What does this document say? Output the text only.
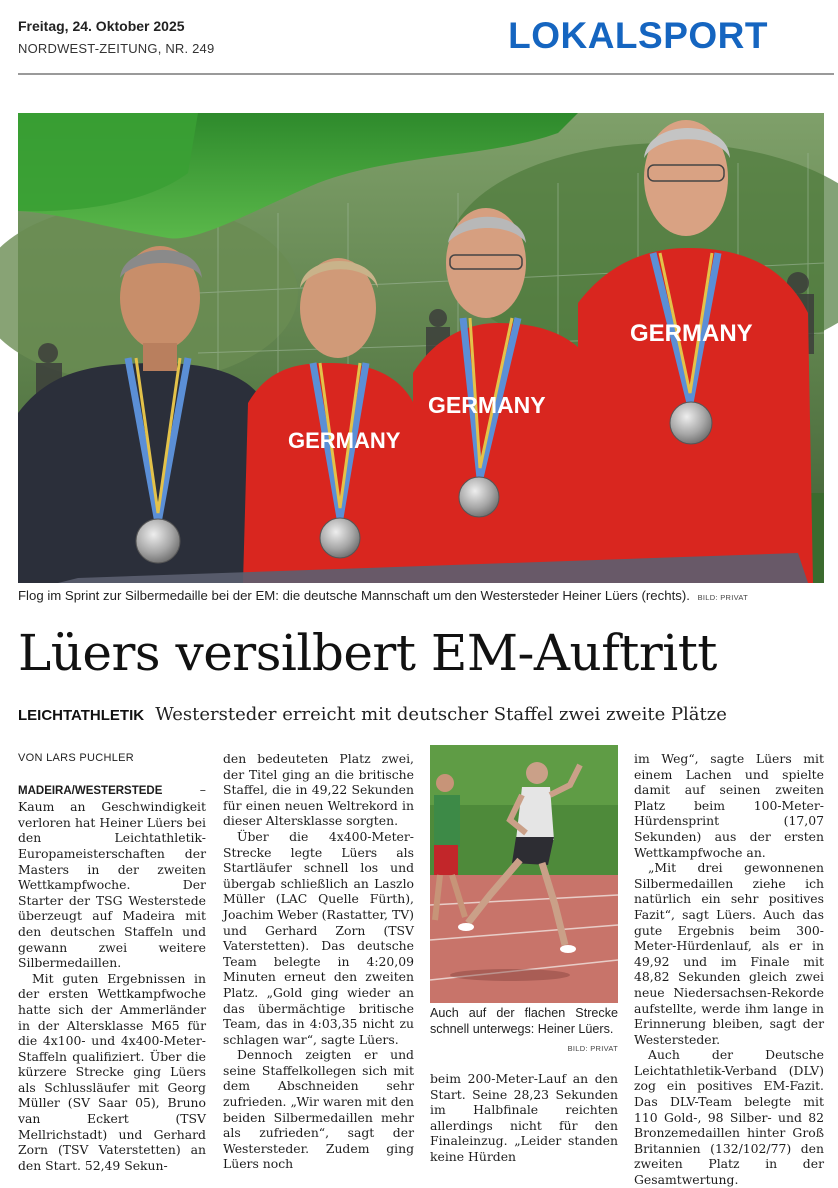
Freitag, 24. Oktober 2025
NORDWEST-ZEITUNG, NR. 249	LOKALSPORT
GERMANY
GERMANY
GERMANY
Flog im Sprint zur Silbermedaille bei der EM: die deutsche Mannschaft um den Westersteder Heiner Lüers (rechts). BILD: PRIVAT
Lüers versilbert EM-Auftritt
LEICHTATHLETIK Westersteder erreicht mit deutscher Staffel zwei zweite Plätze
VON LARS PUCHLER

MADEIRA/WESTERSTEDE – Kaum an Geschwindigkeit verloren hat Heiner Lüers bei den Leichtathletik-Europameisterschaften der Masters in der zweiten Wettkampfwoche. Der Starter der TSG Westerstede überzeugt auf Madeira mit den deutschen Staffeln und gewann zwei weitere Silbermedaillen.

Mit guten Ergebnissen in der ersten Wettkampfwoche hatte sich der Ammerländer in der Altersklasse M65 für die 4x100- und 4x400-Meter-Staffeln qualifiziert. Über die kürzere Strecke ging Lüers als Schlussläufer mit Georg Müller (SV Saar 05), Bruno van Eckert (TSV Mellrichstadt) und Gerhard Zorn (TSV Vaterstetten) an den Start. 52,49 Sekun-

den bedeuteten Platz zwei, der Titel ging an die britische Staffel, die in 49,22 Sekunden für einen neuen Weltrekord in dieser Altersklasse sorgten.

Über die 4x400-Meter-Strecke legte Lüers als Startläufer schnell los und übergab schließlich an Laszlo Müller (LAC Quelle Fürth), Joachim Weber (Rastatter, TV) und Gerhard Zorn (TSV Vaterstetten). Das deutsche Team belegte in 4:20,09 Minuten erneut den zweiten Platz. „Gold ging wieder an das übermächtige britische Team, das in 4:03,35 nicht zu schlagen war“, sagte Lüers.

Dennoch zeigten er und seine Staffelkollegen sich mit dem Abschneiden sehr zufrieden. „Wir waren mit den beiden Silbermedaillen mehr als zufrieden“, sagt der Westersteder. Zudem ging Lüers noch

Auch auf der flachen Strecke schnell unterwegs: Heiner Lüers.
BILD: PRIVAT

beim 200-Meter-Lauf an den Start. Seine 28,23 Sekunden im Halbfinale reichten allerdings nicht für den Finaleinzug. „Leider standen keine Hürden

im Weg“, sagte Lüers mit einem Lachen und spielte damit auf seinen zweiten Platz beim 100-Meter-Hürdensprint (17,07 Sekunden) aus der ersten Wettkampfwoche an.

„Mit drei gewonnenen Silbermedaillen ziehe ich natürlich ein sehr positives Fazit“, sagt Lüers. Auch das gute Ergebnis beim 300-Meter-Hürdenlauf, als er in 49,92 und im Finale mit 48,82 Sekunden gleich zwei neue Niedersachsen-Rekorde aufstellte, werde ihm lange in Erinnerung bleiben, sagt der Westersteder.

Auch der Deutsche Leichtathletik-Verband (DLV) zog ein positives EM-Fazit. Das DLV-Team belegte mit 110 Gold-, 98 Silber- und 82 Bronzemedaillen hinter Groß Britannien (132/102/77) den zweiten Platz in der Gesamtwertung.
